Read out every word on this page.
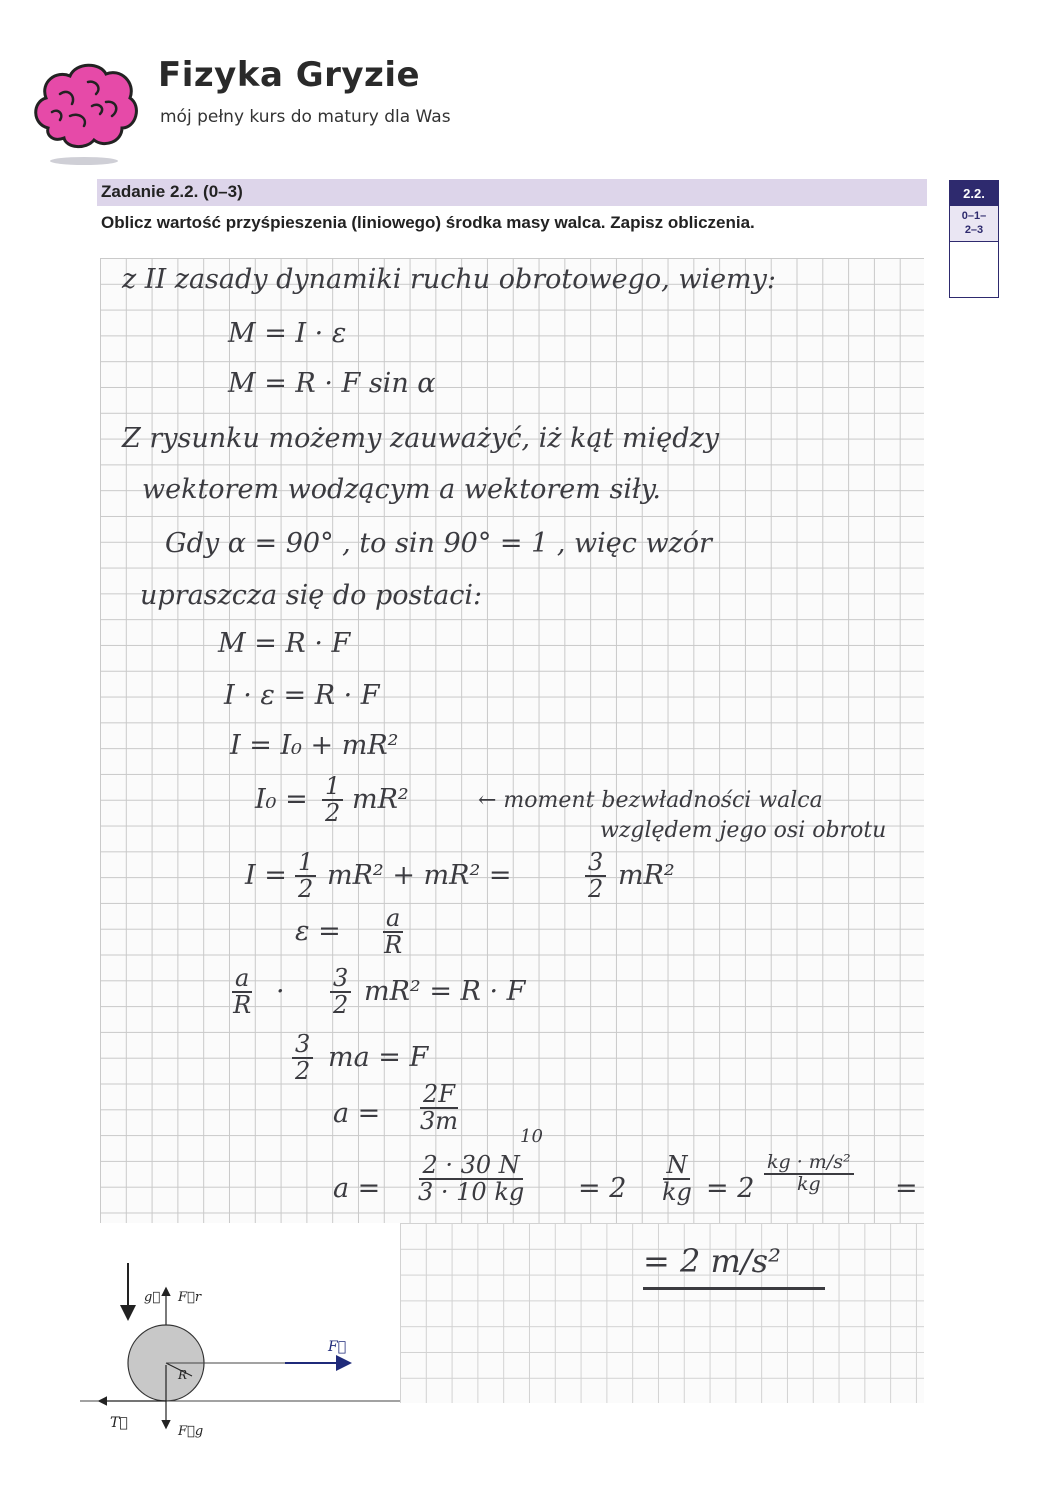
Fizyka Gryzie
mój pełny kurs do matury dla Was
Zadanie 2.2. (0–3)
Oblicz wartość przyśpieszenia (liniowego) środka masy walca. Zapisz obliczenia.
2.2.
0–1–
2–3
z II zasady dynamiki ruchu obrotowego, wiemy:
M = I · ε
M = R · F sin α
Z rysunku możemy zauważyć, iż kąt między
wektorem wodzącym a wektorem siły.
Gdy α = 90° , to sin 90° = 1 , więc wzór
upraszcza się do postaci:
M = R · F
I · ε = R · F
I = I₀ + mR²
$I_0 = \frac{1}{2} mR^2$	← moment bezwładności walca
względem jego osi obrotu
$I = \frac{1}{2} mR^2 + mR^2$ =	$\frac{3}{2} mR^2$
$\varepsilon = \frac{a}{R}$
$\frac{a}{R} \cdot \frac{3}{2} mR^2 = R \cdot F$
$\frac{3}{2}$ ma = F
$a = \frac{2F}{3m}$
a =
10
$\frac{2 \cdot 30 N}{3 \cdot 10 kg} = 2 \frac{N}{kg} = 2 \frac{\text{kg · m/s²}}{kg}$ =
= 2 m/s²
g⃗ F⃗r
R
F⃗
T⃗
F⃗g
